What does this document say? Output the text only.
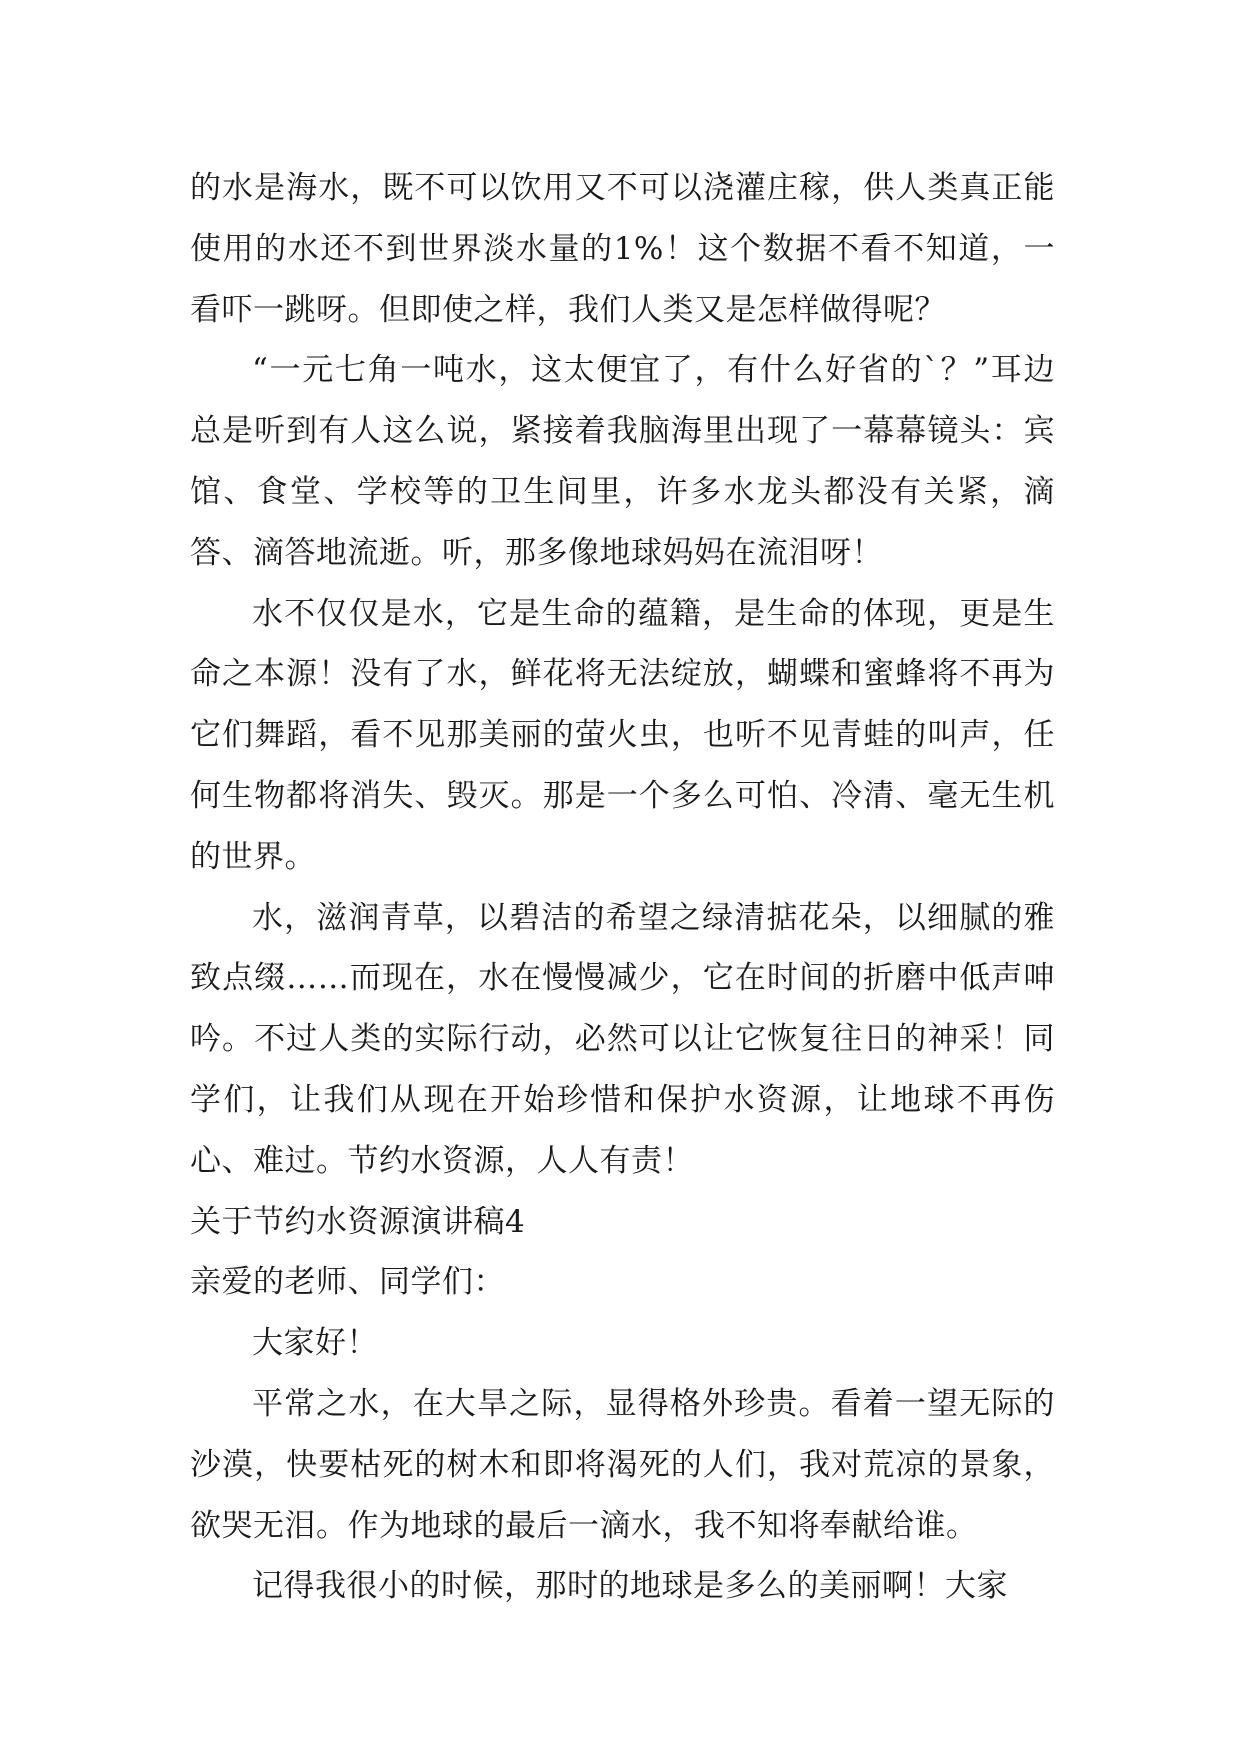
的水是海水，既不可以饮用又不可以浇灌庄稼，供人类真正能使用的水还不到世界淡水量的1%！这个数据不看不知道，一看吓一跳呀。但即使之样，我们人类又是怎样做得呢？

“一元七角一吨水，这太便宜了，有什么好省的`？”耳边总是听到有人这么说，紧接着我脑海里出现了一幕幕镜头：宾馆、食堂、学校等的卫生间里，许多水龙头都没有关紧，滴答、滴答地流逝。听，那多像地球妈妈在流泪呀！

水不仅仅是水，它是生命的蕴籍，是生命的体现，更是生命之本源！没有了水，鲜花将无法绽放，蝴蝶和蜜蜂将不再为它们舞蹈，看不见那美丽的萤火虫，也听不见青蛙的叫声，任何生物都将消失、毁灭。那是一个多么可怕、冷清、毫无生机的世界。

水，滋润青草，以碧洁的希望之绿清掂花朵，以细腻的雅致点缀……而现在，水在慢慢减少，它在时间的折磨中低声呻吟。不过人类的实际行动，必然可以让它恢复往日的神采！同学们，让我们从现在开始珍惜和保护水资源，让地球不再伤心、难过。节约水资源，人人有责！

关于节约水资源演讲稿4

亲爱的老师、同学们：

大家好！

平常之水，在大旱之际，显得格外珍贵。看着一望无际的沙漠，快要枯死的树木和即将渴死的人们，我对荒凉的景象，欲哭无泪。作为地球的最后一滴水，我不知将奉献给谁。

记得我很小的时候，那时的地球是多么的美丽啊！大家
